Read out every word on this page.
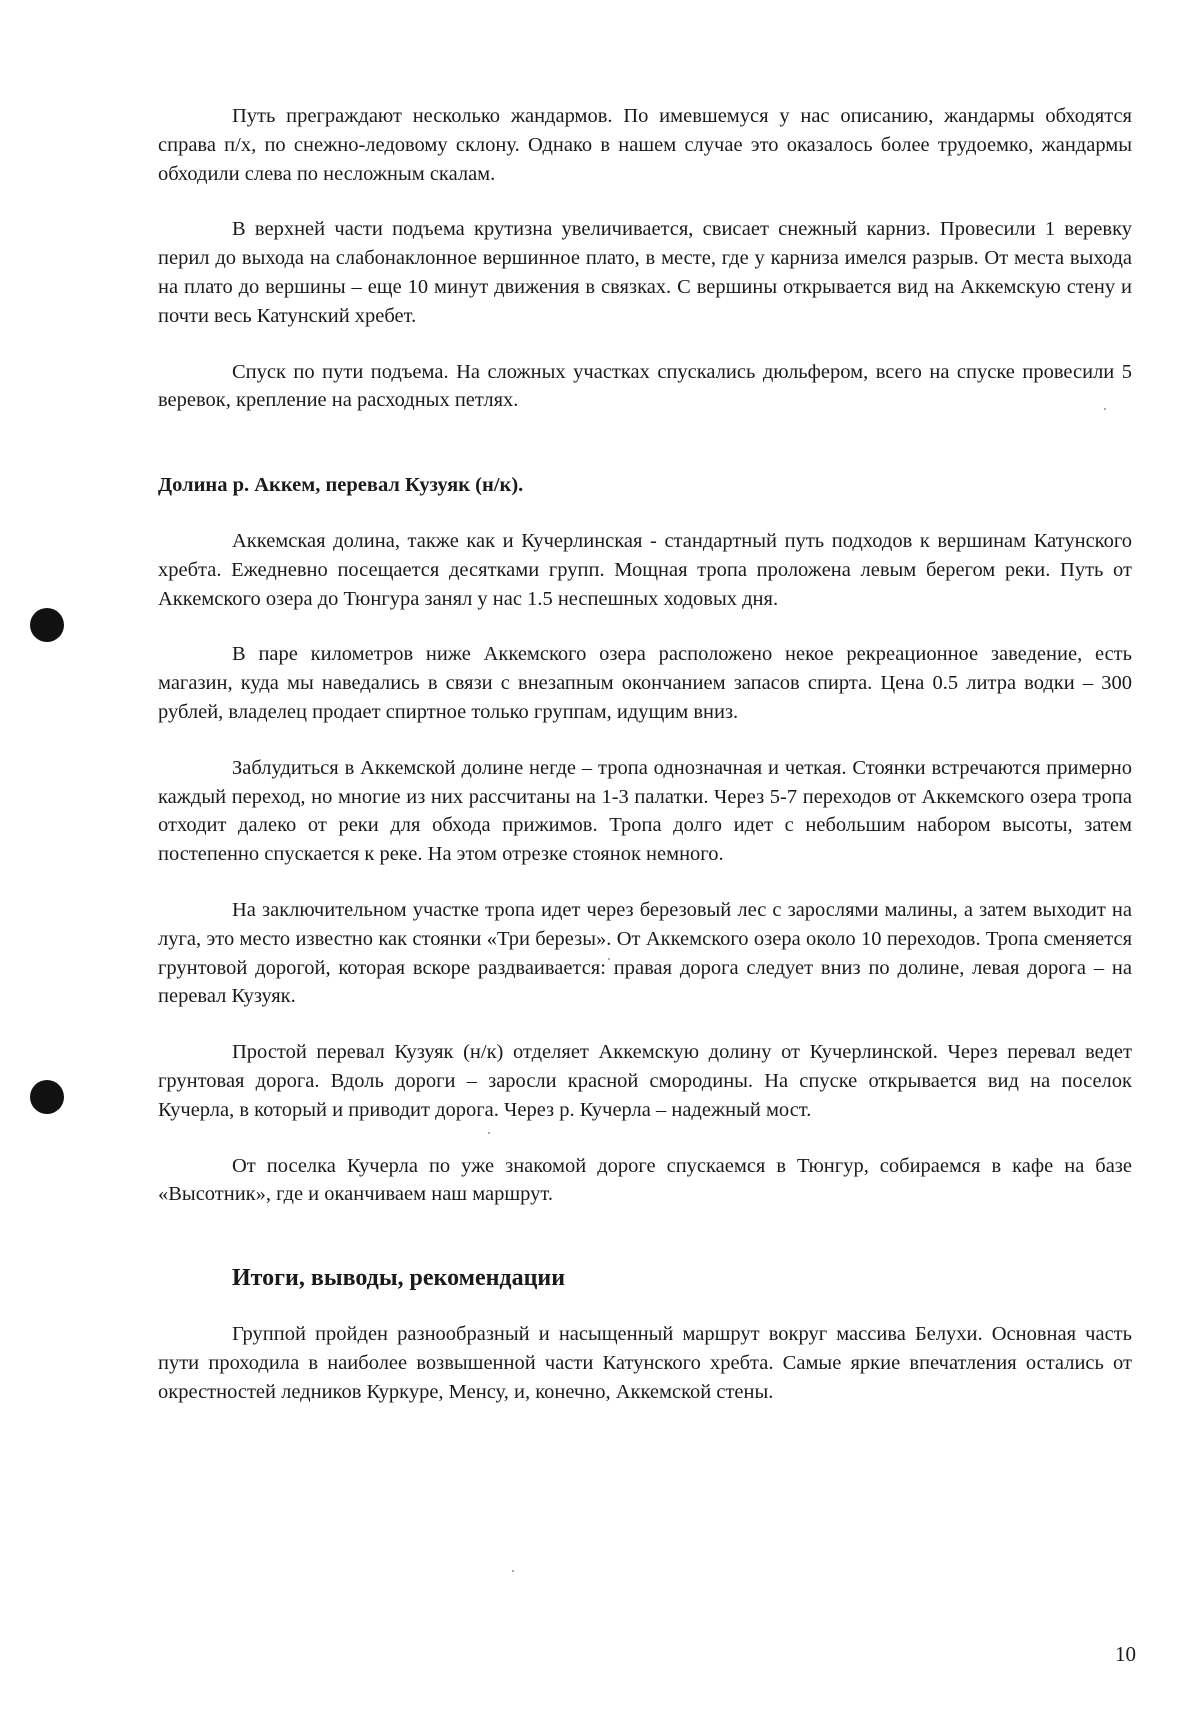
Путь преграждают несколько жандармов. По имевшемуся у нас описанию, жандармы обходятся справа п/х, по снежно-ледовому склону. Однако в нашем случае это оказалось более трудоемко, жандармы обходили слева по несложным скалам.

В верхней части подъема крутизна увеличивается, свисает снежный карниз. Провесили 1 веревку перил до выхода на слабонаклонное вершинное плато, в месте, где у карниза имелся разрыв. От места выхода на плато до вершины – еще 10 минут движения в связках. С вершины открывается вид на Аккемскую стену и почти весь Катунский хребет.

Спуск по пути подъема. На сложных участках спускались дюльфером, всего на спуске провесили 5 веревок, крепление на расходных петлях.

Долина р. Аккем, перевал Кузуяк (н/к).

Аккемская долина, также как и Кучерлинская - стандартный путь подходов к вершинам Катунского хребта. Ежедневно посещается десятками групп. Мощная тропа проложена левым берегом реки. Путь от Аккемского озера до Тюнгура занял у нас 1.5 неспешных ходовых дня.

В паре километров ниже Аккемского озера расположено некое рекреационное заведение, есть магазин, куда мы наведались в связи с внезапным окончанием запасов спирта. Цена 0.5 литра водки – 300 рублей, владелец продает спиртное только группам, идущим вниз.

Заблудиться в Аккемской долине негде – тропа однозначная и четкая. Стоянки встречаются примерно каждый переход, но многие из них рассчитаны на 1-3 палатки. Через 5-7 переходов от Аккемского озера тропа отходит далеко от реки для обхода прижимов. Тропа долго идет с небольшим набором высоты, затем постепенно спускается к реке. На этом отрезке стоянок немного.

На заключительном участке тропа идет через березовый лес с зарослями малины, а затем выходит на луга, это место известно как стоянки «Три березы». От Аккемского озера около 10 переходов. Тропа сменяется грунтовой дорогой, которая вскоре раздваивается: правая дорога следует вниз по долине, левая дорога – на перевал Кузуяк.

Простой перевал Кузуяк (н/к) отделяет Аккемскую долину от Кучерлинской. Через перевал ведет грунтовая дорога. Вдоль дороги – заросли красной смородины. На спуске открывается вид на поселок Кучерла, в который и приводит дорога. Через р. Кучерла – надежный мост.

От поселка Кучерла по уже знакомой дороге спускаемся в Тюнгур, собираемся в кафе на базе «Высотник», где и оканчиваем наш маршрут.

Итоги, выводы, рекомендации

Группой пройден разнообразный и насыщенный маршрут вокруг массива Белухи. Основная часть пути проходила в наиболее возвышенной части Катунского хребта. Самые яркие впечатления остались от окрестностей ледников Куркуре, Менсу, и, конечно, Аккемской стены.

10
